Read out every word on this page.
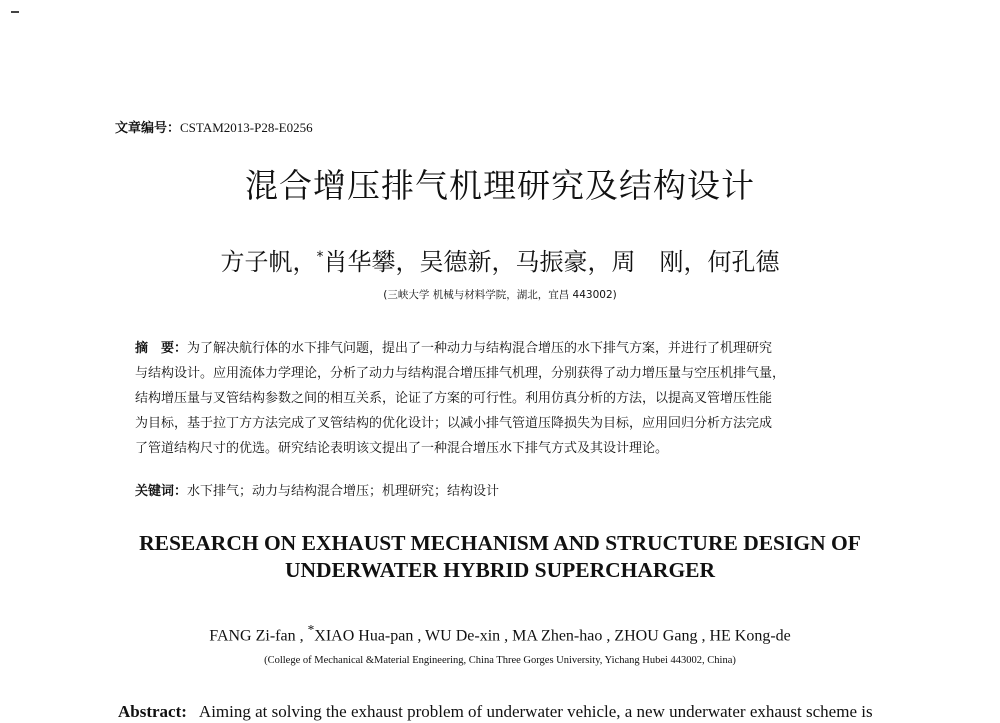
文章编号：CSTAM2013-P28-E0256
混合增压排气机理研究及结构设计
方子帆，*肖华攀，吴德新，马振豪，周　刚，何孔德
(三峡大学 机械与材料学院，湖北，宜昌 443002)
摘　要：为了解决航行体的水下排气问题，提出了一种动力与结构混合增压的水下排气方案，并进行了机理研究
与结构设计。应用流体力学理论，分析了动力与结构混合增压排气机理，分别获得了动力增压量与空压机排气量，
结构增压量与叉管结构参数之间的相互关系，论证了方案的可行性。利用仿真分析的方法，以提高叉管增压性能
为目标，基于拉丁方方法完成了叉管结构的优化设计；以减小排气管道压降损失为目标，应用回归分析方法完成
了管道结构尺寸的优选。研究结论表明该文提出了一种混合增压水下排气方式及其设计理论。
关键词：水下排气；动力与结构混合增压；机理研究；结构设计
RESEARCH ON EXHAUST MECHANISM AND STRUCTURE DESIGN OF
UNDERWATER HYBRID SUPERCHARGER
FANG Zi-fan , *XIAO Hua-pan , WU De-xin , MA Zhen-hao , ZHOU Gang , HE Kong-de
(College of Mechanical &Material Engineering, China Three Gorges University, Yichang Hubei 443002, China)
Abstract: Aiming at solving the exhaust problem of underwater vehicle, a new underwater exhaust scheme is
